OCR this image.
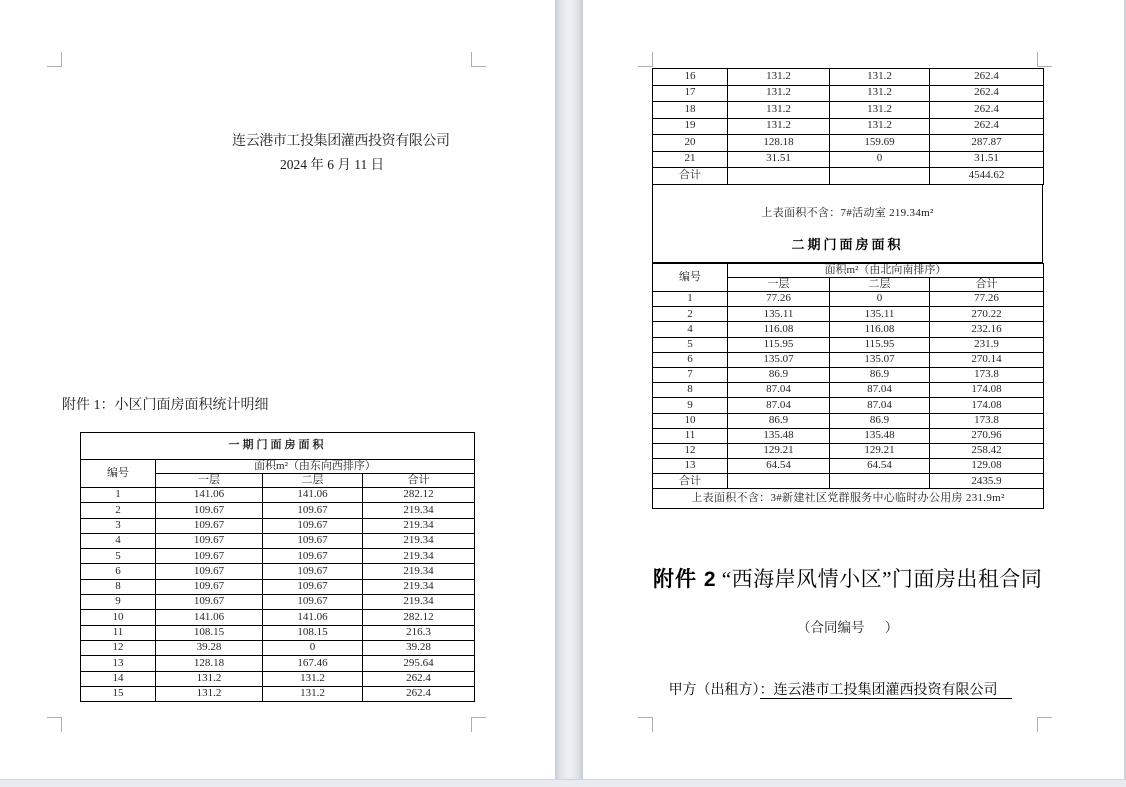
连云港市工投集团灌西投资有限公司
2024 年 6 月 11 日
附件 1：小区门面房面积统计明细
一期门面房面积			
编号	面积m²（由东向西排序）		
	一层	二层	合计
1	141.06	141.06	282.12
2	109.67	109.67	219.34
3	109.67	109.67	219.34
4	109.67	109.67	219.34
5	109.67	109.67	219.34
6	109.67	109.67	219.34
8	109.67	109.67	219.34
9	109.67	109.67	219.34
10	141.06	141.06	282.12
11	108.15	108.15	216.3
12	39.28	0	39.28
13	128.18	167.46	295.64
14	131.2	131.2	262.4
15	131.2	131.2	262.4
16	131.2	131.2	262.4
17	131.2	131.2	262.4
18	131.2	131.2	262.4
19	131.2	131.2	262.4
20	128.18	159.69	287.87
21	31.51	0	31.51
合计			4544.62
上表面积不含：7#活动室 219.34m²
二期门面房面积
编号	面积m²（由北向南排序）		
	一层	二层	合计
1	77.26	0	77.26
2	135.11	135.11	270.22
4	116.08	116.08	232.16
5	115.95	115.95	231.9
6	135.07	135.07	270.14
7	86.9	86.9	173.8
8	87.04	87.04	174.08
9	87.04	87.04	174.08
10	86.9	86.9	173.8
11	135.48	135.48	270.96
12	129.21	129.21	258.42
13	64.54	64.54	129.08
合计			2435.9
上表面积不含：3#新建社区党群服务中心临时办公用房 231.9m²			
附件 2 “西海岸风情小区”门面房出租合同
（合同编号      ）

甲方（出租方）：连云港市工投集团灌西投资有限公司　
